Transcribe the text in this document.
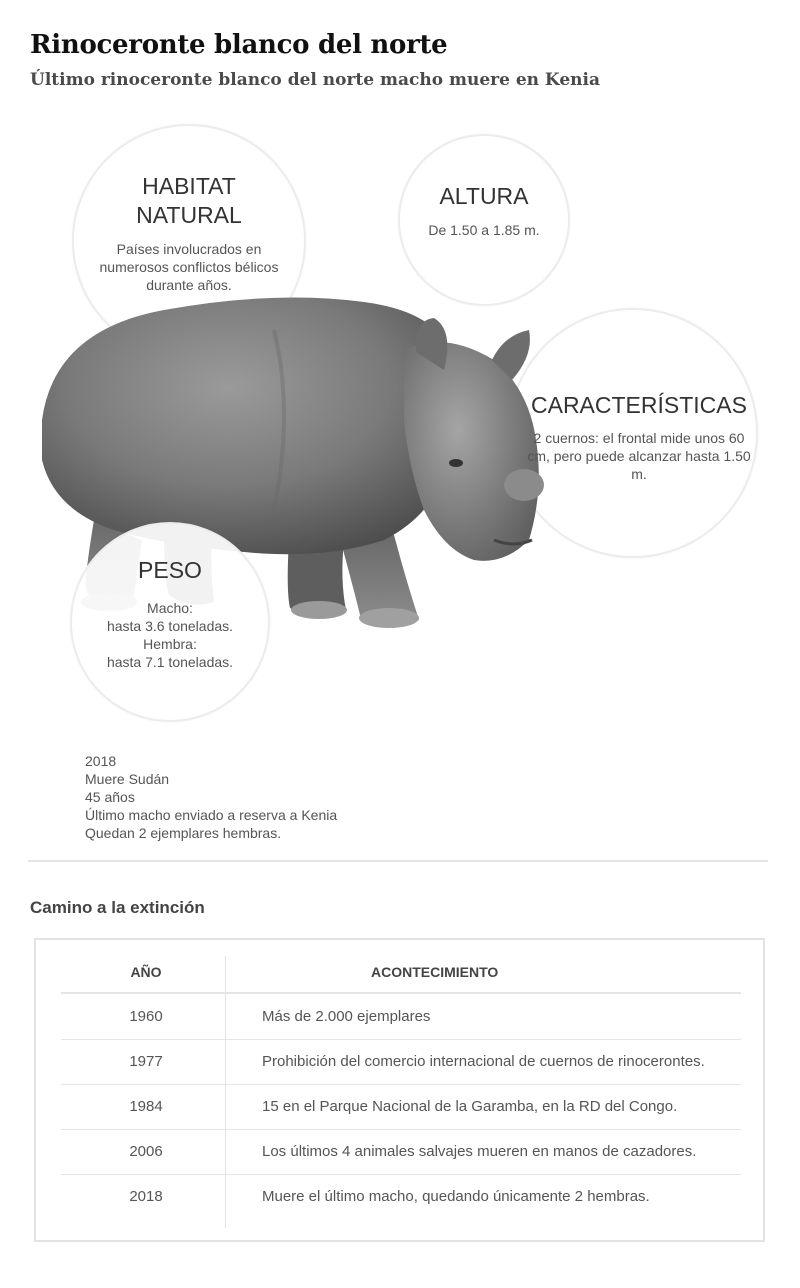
Rinoceronte blanco del norte
Último rinoceronte blanco del norte macho muere en Kenia
HABITAT NATURAL
Países involucrados en numerosos conflictos bélicos durante años.
ALTURA
De 1.50 a 1.85 m.
CARACTERÍSTICAS
2 cuernos: el frontal mide unos 60 cm, pero puede alcanzar hasta 1.50 m.
PESO
Macho:
hasta 3.6 toneladas.
Hembra:
hasta 7.1 toneladas.
2018
Muere Sudán
45 años
Último macho enviado a reserva a Kenia
Quedan 2 ejemplares hembras.
Camino a la extinción
AÑO	ACONTECIMIENTO
1960	Más de 2.000 ejemplares
1977	Prohibición del comercio internacional de cuernos de rinocerontes.
1984	15 en el Parque Nacional de la Garamba, en la RD del Congo.
2006	Los últimos 4 animales salvajes mueren en manos de cazadores.
2018	Muere el último macho, quedando únicamente 2 hembras.
